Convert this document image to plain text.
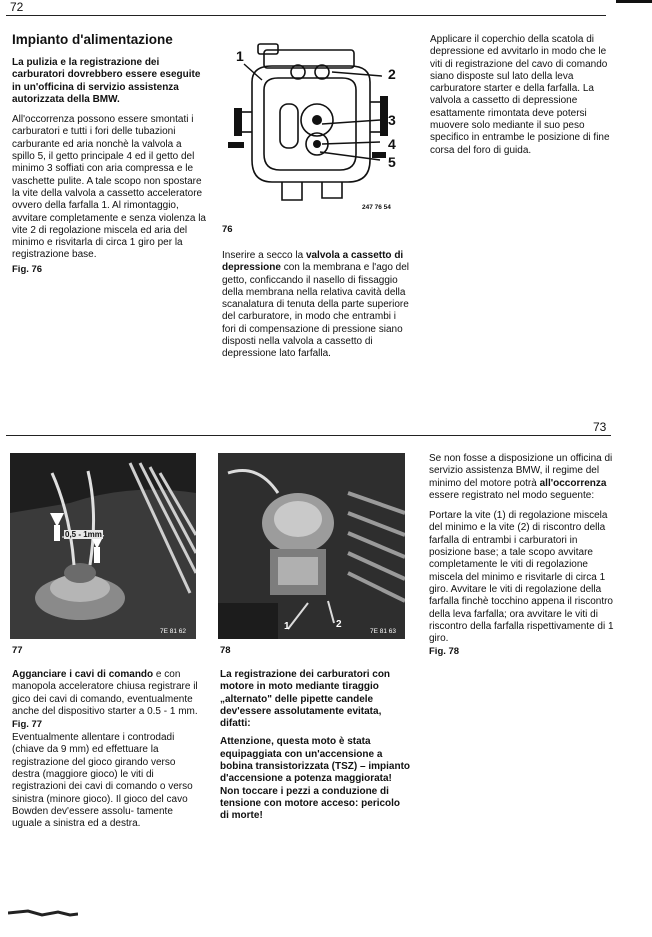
72
Impianto d'alimentazione

La pulizia e la registrazione dei carburatori dovrebbero essere eseguite in un'officina di servizio assistenza autorizzata della BMW.

All'occorrenza possono essere smontati i carburatori e tutti i fori delle tubazioni carburante ed aria nonchè la valvola a spillo 5, il getto principale 4 ed il getto del minimo 3 soffiati con aria compressa e le vaschette pulite. A tale scopo non spostare la vite della valvola a cassetto acceleratore ovvero della farfalla 1. Al rimontaggio, avvitare completamente e senza violenza la vite 2 di regolazione miscela ed aria del minimo e risvitarla di circa 1 giro per la registrazione base.

Fig. 76
1
2
3
4
5
247 76 54
76

Inserire a secco la valvola a cassetto di depressione con la membrana e l'ago del getto, conficcando il nasello di fissaggio della membrana nella relativa cavità della scanalatura di tenuta della parte superiore del carburatore, in modo che entrambi i fori di compensazione di pressione siano disposti nella valvola a cassetto di depressione lato farfalla.

Applicare il coperchio della scatola di depressione ed avvitarlo in modo che le viti di registrazione del cavo di comando siano disposte sul lato della leva carburatore starter e della farfalla. La valvola a cassetto di depressione esattamente rimontata deve potersi muovere solo mediante il suo peso specifico in entrambe le posizione di fine corsa del foro di guida.

73
0,5 - 1mm
7E 81 62
77
1	2
7E 81 63
78

Agganciare i cavi di comando e con manopola acceleratore chiusa registrare il gico dei cavi di comando, eventualmente anche del dispositivo starter a 0.5 - 1 mm.

Fig. 77

Eventualmente allentare i controdadi (chiave da 9 mm) ed effettuare la registrazione del gioco girando verso destra (maggiore gioco) le viti di registrazioni dei cavi di comando o verso sinistra (minore gioco). Il gioco del cavo Bowden dev'essere assolu- tamente uguale a sinistra ed a destra.

La registrazione dei carburatori con motore in moto mediante tiraggio „alternato" delle pipette candele dev'essere assolutamente evitata, difatti:

Attenzione, questa moto è stata equipaggiata con un'accensione a bobina transistorizzata (TSZ) – impianto d'accensione a potenza maggiorata! Non toccare i pezzi a conduzione di tensione con motore acceso: pericolo di morte!

Se non fosse a disposizione un officina di servizio assistenza BMW, il regime del minimo del motore potrà all'occorrenza essere registrato nel modo seguente:

Portare la vite (1) di regolazione miscela del minimo e la vite (2) di riscontro della farfalla di entrambi i carburatori in posizione base; a tale scopo avvitare completamente le viti di regolazione miscela del minimo e risvitarle di circa 1 giro. Avvitare le viti di regolazione della farfalla finchè tocchino appena il riscontro della leva farfalla; ora avvitare le viti di riscontro della farfalla rispettivamente di 1 giro.

Fig. 78
